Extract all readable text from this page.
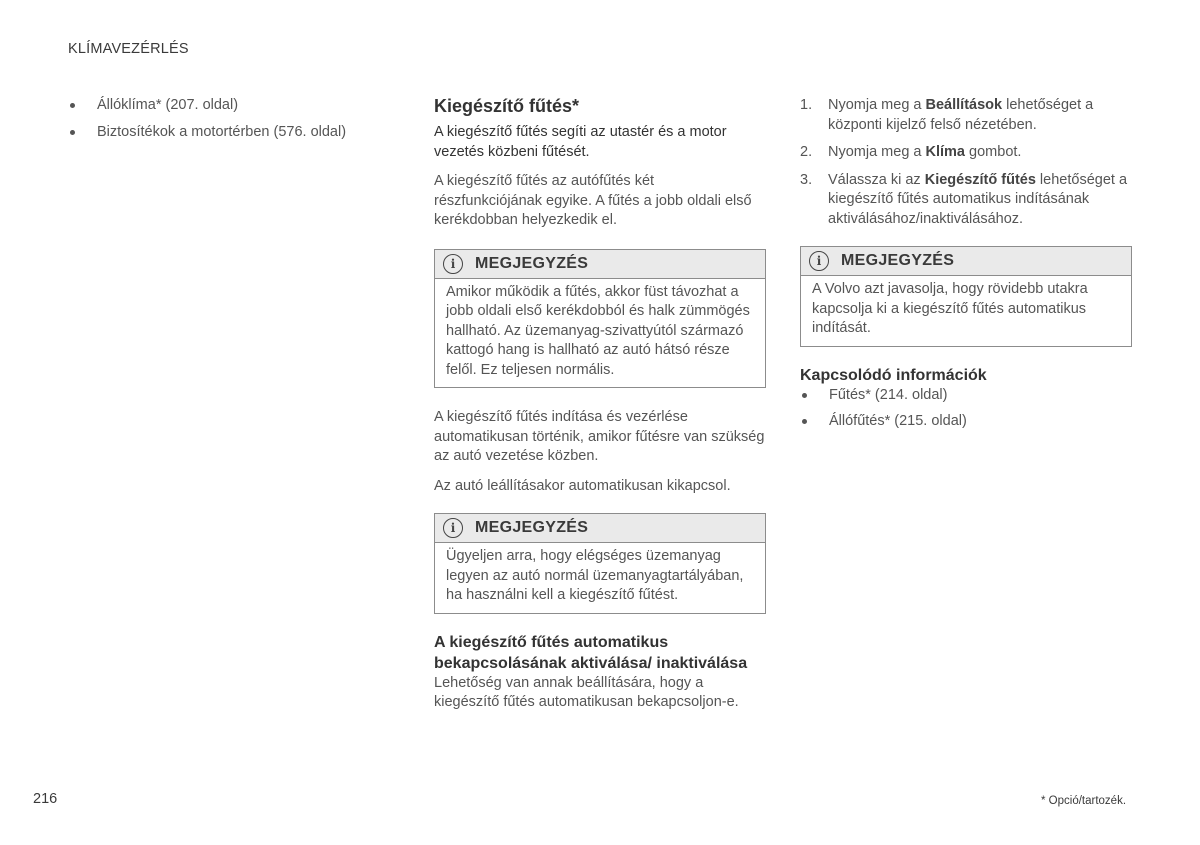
KLÍMAVEZÉRLÉS
Állóklíma* (207. oldal)
Biztosítékok a motortérben (576. oldal)
Kiegészítő fűtés*

A kiegészítő fűtés segíti az utastér és a motor vezetés közbeni fűtését.

A kiegészítő fűtés az autófűtés két részfunkciójának egyike. A fűtés a jobb oldali első kerékdobban helyezkedik el.

i	MEGJEGYZÉS
Amikor működik a fűtés, akkor füst távozhat a jobb oldali első kerékdobból és halk zümmögés hallható. Az üzemanyag-szivattyútól származó kattogó hang is hallható az autó hátsó része felől. Ez teljesen normális.

A kiegészítő fűtés indítása és vezérlése automatikusan történik, amikor fűtésre van szükség az autó vezetése közben.

Az autó leállításakor automatikusan kikapcsol.

i	MEGJEGYZÉS
Ügyeljen arra, hogy elégséges üzemanyag legyen az autó normál üzemanyagtartályában, ha használni kell a kiegészítő fűtést.
A kiegészítő fűtés automatikus bekapcsolásának aktiválása/ inaktiválása

Lehetőség van annak beállítására, hogy a kiegészítő fűtés automatikusan bekapcsoljon-e.

1. Nyomja meg a Beállítások lehetőséget a központi kijelző felső nézetében.
2. Nyomja meg a Klíma gombot.
3. Válassza ki az Kiegészítő fűtés lehetőséget a kiegészítő fűtés automatikus indításának aktiválásához/inaktiválásához.
i	MEGJEGYZÉS
A Volvo azt javasolja, hogy rövidebb utakra kapcsolja ki a kiegészítő fűtés automatikus indítását.
Kapcsolódó információk
Fűtés* (214. oldal)
Állófűtés* (215. oldal)
216	* Opció/tartozék.
